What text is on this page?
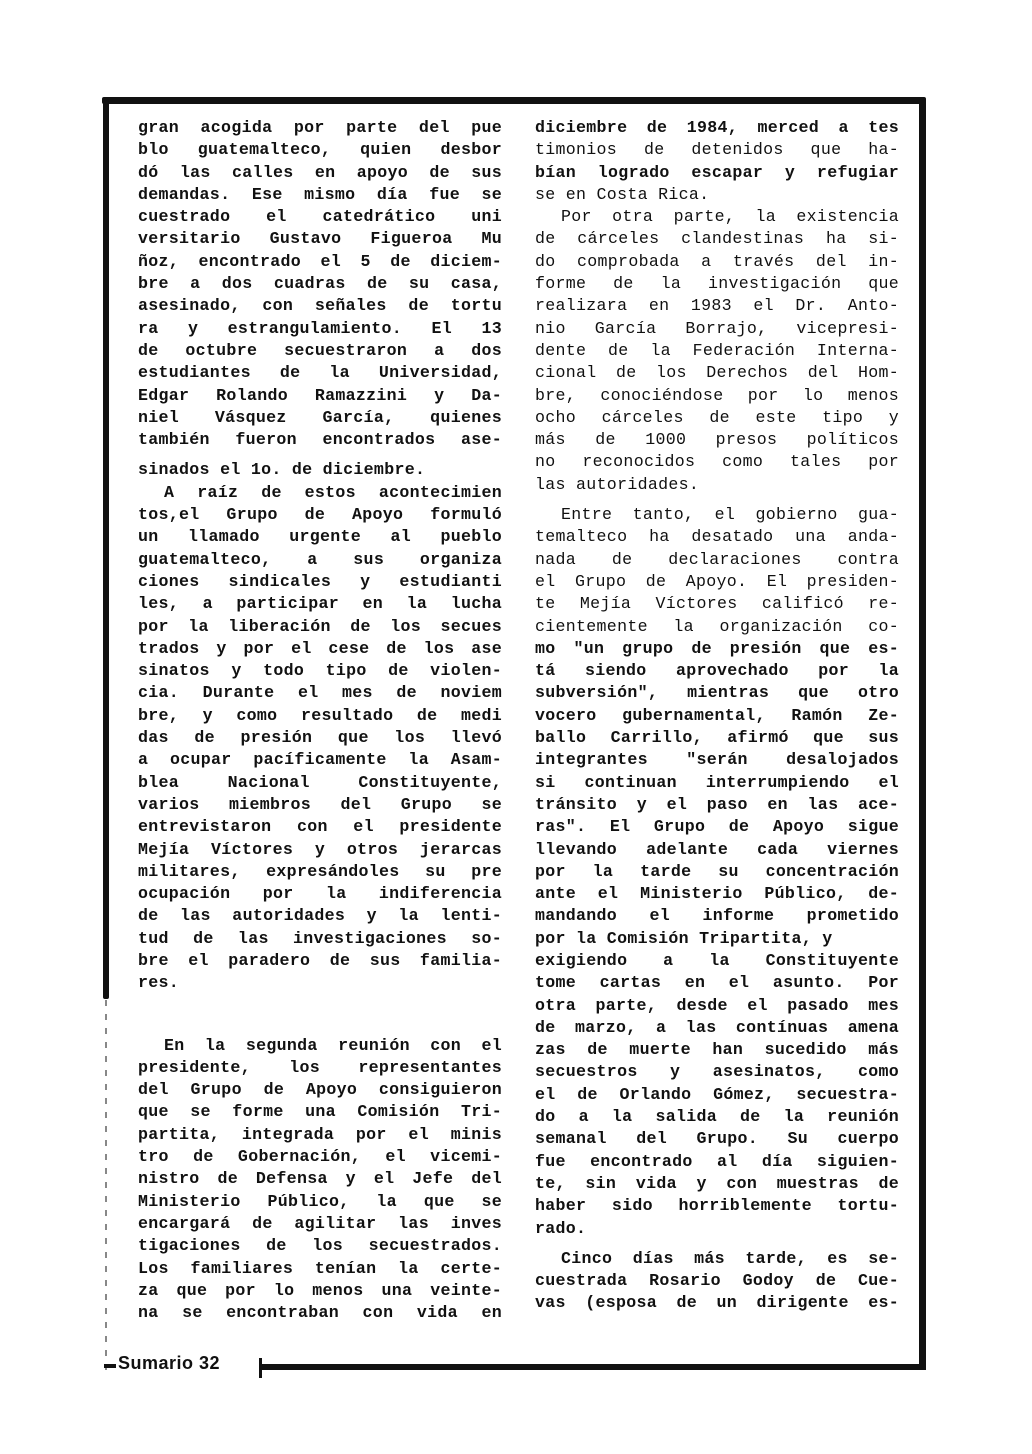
gran acogida por parte del pue
blo guatemalteco, quien desbor
dó las calles en apoyo de sus
demandas. Ese mismo día fue se
cuestrado el catedrático uni
versitario Gustavo Figueroa Mu
ñoz, encontrado el 5 de diciem-
bre a dos cuadras de su casa,
asesinado, con señales de tortu
ra y estrangulamiento. El 13
de octubre secuestraron a dos
estudiantes de la Universidad,
Edgar Rolando Ramazzini y Da-
niel Vásquez García, quienes
también fueron encontrados ase-
sinados el 1o. de diciembre.
A raíz de estos acontecimien
tos,el Grupo de Apoyo formuló
un llamado urgente al pueblo
guatemalteco, a sus organiza
ciones sindicales y estudianti
les, a participar en la lucha
por la liberación de los secues
trados y por el cese de los ase
sinatos y todo tipo de violen-
cia. Durante el mes de noviem
bre, y como resultado de medi
das de presión que los llevó
a ocupar pacíficamente la Asam-
blea Nacional Constituyente,
varios miembros del Grupo se
entrevistaron con el presidente
Mejía Víctores y otros jerarcas
militares, expresándoles su pre
ocupación por la indiferencia
de las autoridades y la lenti-
tud de las investigaciones so-
bre el paradero de sus familia-
res.
En la segunda reunión con el
presidente, los representantes
del Grupo de Apoyo consiguieron
que se forme una Comisión Tri-
partita, integrada por el minis
tro de Gobernación, el vicemi-
nistro de Defensa y el Jefe del
Ministerio Público, la que se
encargará de agilitar las inves
tigaciones de los secuestrados.
Los familiares tenían la certe-
za que por lo menos una veinte-
na se encontraban con vida en
diciembre de 1984, merced a tes
timonios de detenidos que ha-
bían logrado escapar y refugiar
se en Costa Rica.
Por otra parte, la existencia
de cárceles clandestinas ha si-
do comprobada a través del in-
forme de la investigación que
realizara en 1983 el Dr. Anto-
nio García Borrajo, vicepresi-
dente de la Federación Interna-
cional de los Derechos del Hom-
bre, conociéndose por lo menos
ocho cárceles de este tipo y
más de 1000 presos políticos
no reconocidos como tales por
las autoridades.
Entre tanto, el gobierno gua-
temalteco ha desatado una anda-
nada de declaraciones contra
el Grupo de Apoyo. El presiden-
te Mejía Víctores calificó re-
cientemente la organización co-
mo "un grupo de presión que es-
tá siendo aprovechado por la
subversión", mientras que otro
vocero gubernamental, Ramón Ze-
ballo Carrillo, afirmó que sus
integrantes "serán desalojados
si continuan interrumpiendo el
tránsito y el paso en las ace-
ras". El Grupo de Apoyo sigue
llevando adelante cada viernes
por la tarde su concentración
ante el Ministerio Público, de-
mandando el informe prometido
por la Comisión Tripartita, y
exigiendo a la Constituyente
tome cartas en el asunto. Por
otra parte, desde el pasado mes
de marzo, a las contínuas amena
zas de muerte han sucedido más
secuestros y asesinatos, como
el de Orlando Gómez, secuestra-
do a la salida de la reunión
semanal del Grupo. Su cuerpo
fue encontrado al día siguien-
te, sin vida y con muestras de
haber sido horriblemente tortu-
rado.
Cinco días más tarde, es se-
cuestrada Rosario Godoy de Cue-
vas (esposa de un dirigente es-
Sumario 32
